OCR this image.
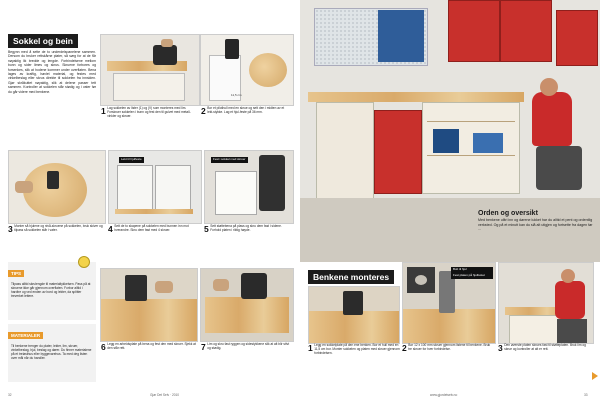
Sokkel og bein
Begynn med å sette de to underdelspanelene sammen. Dersom du bruker rettskårne plater, så sørg for at de får nøyaktig lik bredde og lengde. Forbindelsene mellom bunn og sider limes og skrus. Skruene forbores og forsenkes, slik at hodene kommer under overflaten. Bena lages av kraftig, høvlet material, og festes med vinkelbeslag eller skrus direkte til sokkelen fra innsiden. Gjør skråkuttet nøyaktig, slik at delene passer tett sammen. Kontroller at sokkelen står stødig og i vater før du går videre med benkene.
1 Lag sokkelen av lister (1) og (V) som monteres med lim. Forskruer sokkelen i bunn og fest den til gulvet med metall-vinkler og skruer.
11,5 cm
2 Bor et pilothull med en skrue og sett den i midten av et lekt-stykke. Lag et hjul-feste på 36 mm.
3 Monter så hjulene og nivå-skruene på sokkelen, bruk skiver og tilpass så sokkelen står i vater.
Lekt til hjulfeste
4 Sett de to skapene på sokkelen med bunnen inn mot hverandre. Skru dem fast med 4 skruer.
Fest i sokkel med skruer
5 Sett støttebena på plass og skru dem fast i sidene. Forhold platen i riktig høyde.
TIPS
Tilpass alltid skrulengde til materialtykkelsen. Pass på at skruene ikke går gjennom overflaten. Forbor alltid i hardtre og ved enden av bord og lekter, da splitter treverket lettere.
MATERIALER
Til benkene trenger du plater, lekter, lim, skruer, vinkelbeslag, hjul, beslag og dører. Du finner materialene på et trelasthus eller byggevarehus. Ta med deg listen over mål når du handler.
6 Legg en arbeidsplate på bena og fest den med skruer. Sjekk at den står rett.	7 Lim og skru fast ryggen og sidestykkene slik at alt blir stivt og stødig.
32	Gjør Det Selv · 2010
Orden og oversikt
Med benkene ulltri inn og dørene lukket har du alltid et pent og ordentlig verksted. Og på et minutt kan du slå alt utigjen og fortsette fra dagen før ...
Benkene monteres
1 Legg en sokkelplate på den ene benken. Bor et hull med en 11,5 cm bor. Monter sokkelen og platen med skruer gjennom forbindelsen.
Bolt til hjul
Fest platen på hjulfestet
2 Bor 12 x 100 mm skruer gjennom listene til benkene. Bruk tre skruer for hver forbindelse.	3 Den øverste platen skrues fast til støtteplaten. Bruk lim og skrue og kontroller at alt er rett.
www.gjordetselv.no	33
